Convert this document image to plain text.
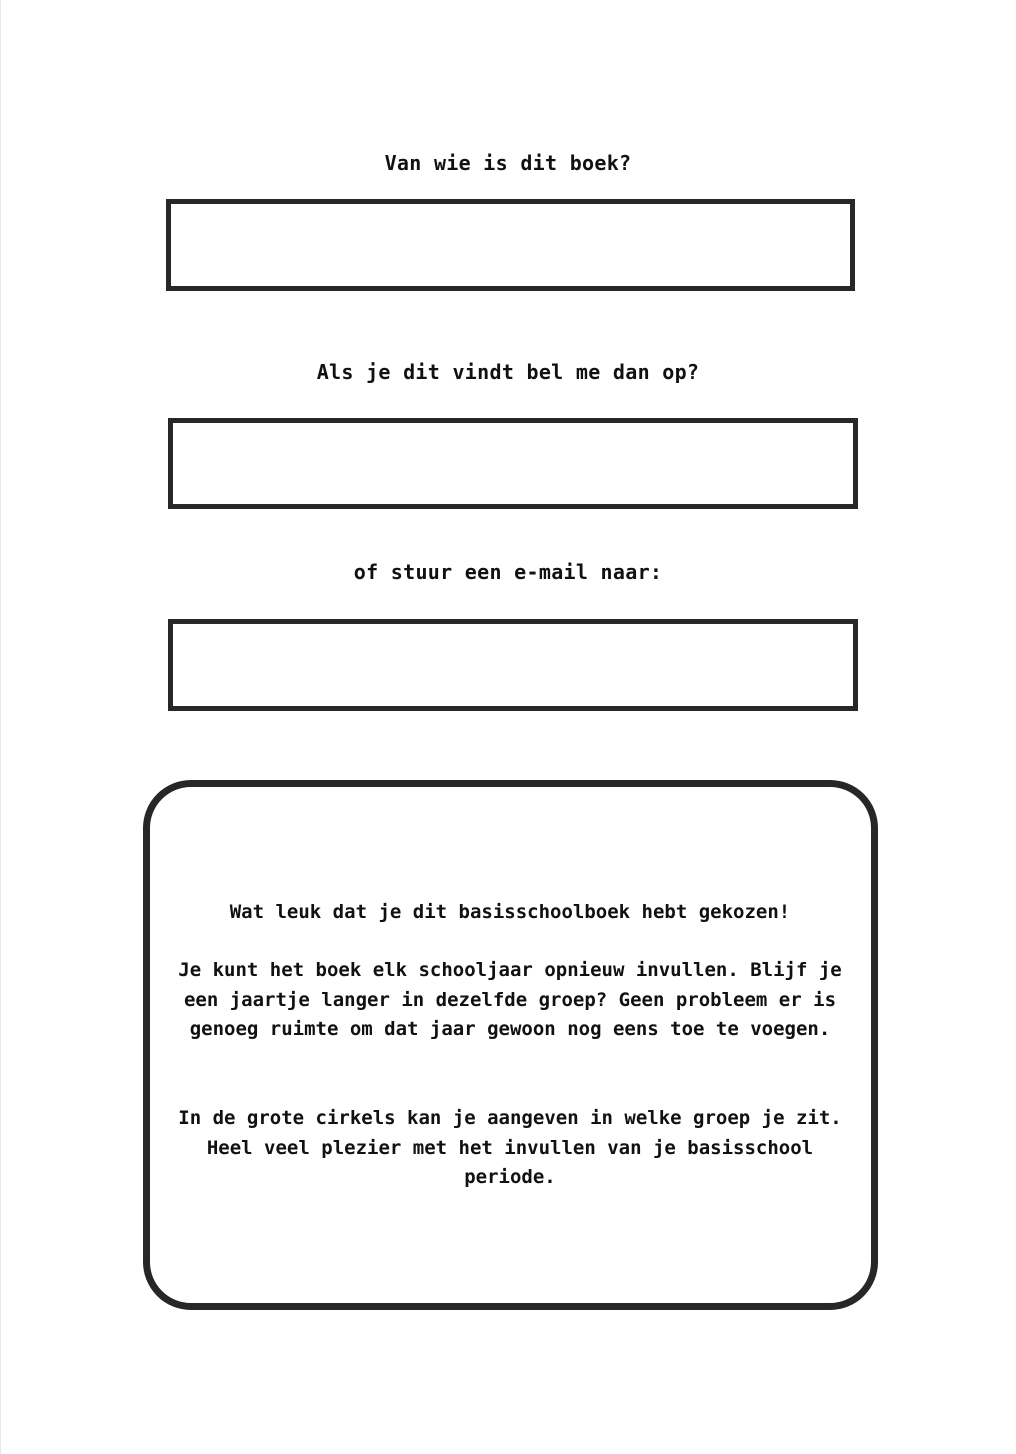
Van wie is dit boek?
Als je dit vindt bel me dan op?
of stuur een e-mail naar:

Wat leuk dat je dit basisschoolboek hebt gekozen!

Je kunt het boek elk schooljaar opnieuw invullen. Blijf je een jaartje langer in dezelfde groep? Geen probleem er is genoeg ruimte om dat jaar gewoon nog eens toe te voegen.

In de grote cirkels kan je aangeven in welke groep je zit. Heel veel plezier met het invullen van je basisschool periode.
